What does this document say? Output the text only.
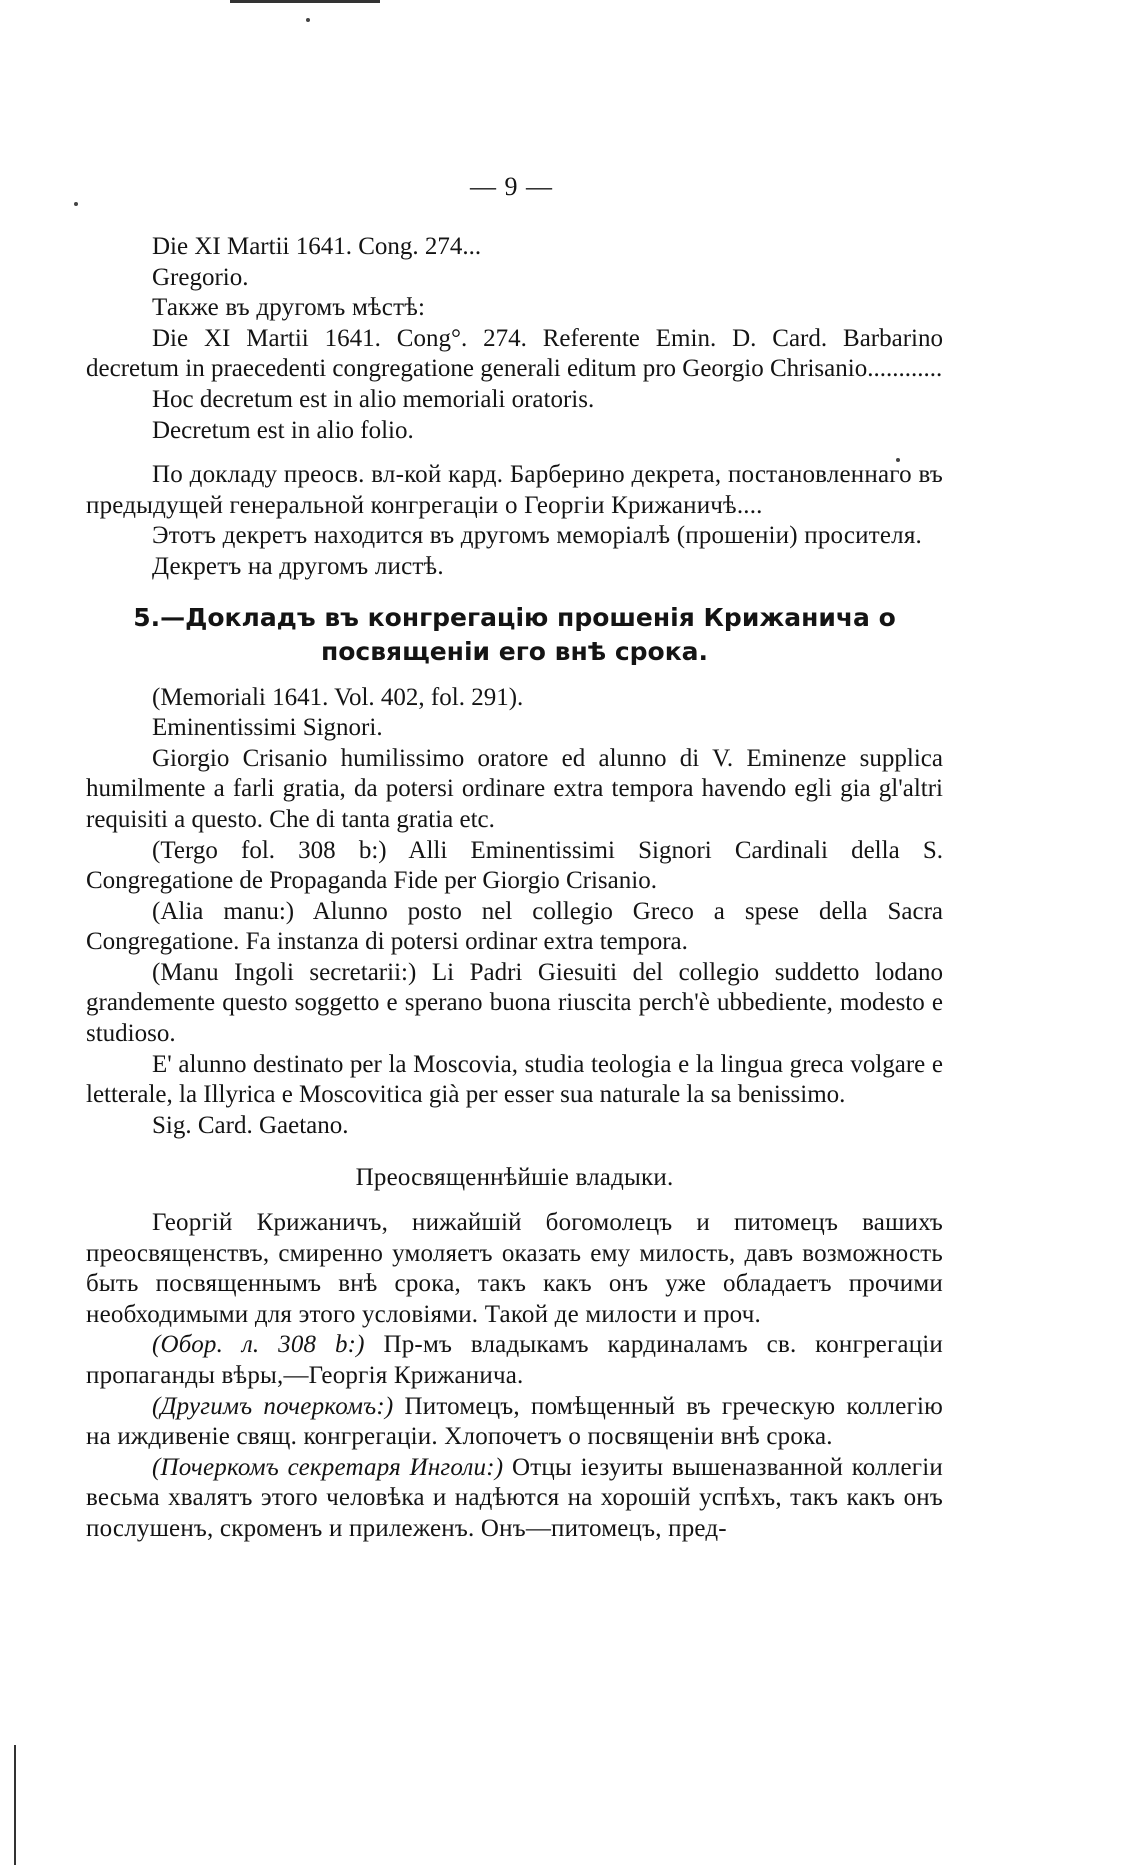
— 9 —

Die XI Martii 1641. Cong. 274...

Gregorio.

Также въ другомъ мѣстѣ:

Die XI Martii 1641. Cong°. 274. Referente Emin. D. Card. Barbarino decretum in praecedenti congregatione generali editum pro Georgio Chrisanio............

Hoc decretum est in alio memoriali oratoris.

Decretum est in alio folio.

По докладу преосв. вл-кой кард. Барберино декрета, постановленнаго въ предыдущей генеральной конгрегаціи о Георгіи Крижаничѣ....

Этотъ декретъ находится въ другомъ меморіалѣ (прошеніи) просителя.

Декретъ на другомъ листѣ.

5.—Докладъ въ конгрегацію прошенія Крижанича о посвященіи его внѣ срока.

(Memoriali 1641. Vol. 402, fol. 291).

Eminentissimi Signori.

Giorgio Crisanio humilissimo oratore ed alunno di V. Eminenze supplica humilmente a farli gratia, da potersi ordinare extra tempora havendo egli gia gl'altri requisiti a questo. Che di tanta gratia etc.

(Tergo fol. 308 b:) Alli Eminentissimi Signori Cardinali della S. Congregatione de Propaganda Fide per Giorgio Crisanio.

(Alia manu:) Alunno posto nel collegio Greco a spese della Sacra Congregatione. Fa instanza di potersi ordinar extra tempora.

(Manu Ingoli secretarii:) Li Padri Giesuiti del collegio suddetto lodano grandemente questo soggetto e sperano buona riuscita perch'è ubbediente, modesto e studioso.

E' alunno destinato per la Moscovia, studia teologia e la lingua greca volgare e letterale, la Illyrica e Moscovitica già per esser sua naturale la sa benissimo.

Sig. Card. Gaetano.

Преосвященнѣйшіе владыки.

Георгій Крижаничъ, нижайшій богомолецъ и питомецъ вашихъ преосвященствъ, смиренно умоляетъ оказать ему милость, давъ возможность быть посвященнымъ внѣ срока, такъ какъ онъ уже обладаетъ прочими необходимыми для этого условіями. Такой де милости и проч.

(Обор. л. 308 b:) Пр-мъ владыкамъ кардиналамъ св. конгрегаціи пропаганды вѣры,—Георгія Крижанича.

(Другимъ почеркомъ:) Питомецъ, помѣщенный въ греческую коллегію на иждивеніе свящ. конгрегаціи. Хлопочетъ о посвященіи внѣ срока.

(Почеркомъ секретаря Инголи:) Отцы іезуиты вышеназванной коллегіи весьма хвалятъ этого человѣка и надѣются на хорошій успѣхъ, такъ какъ онъ послушенъ, скроменъ и прилеженъ. Онъ—питомецъ, пред-
